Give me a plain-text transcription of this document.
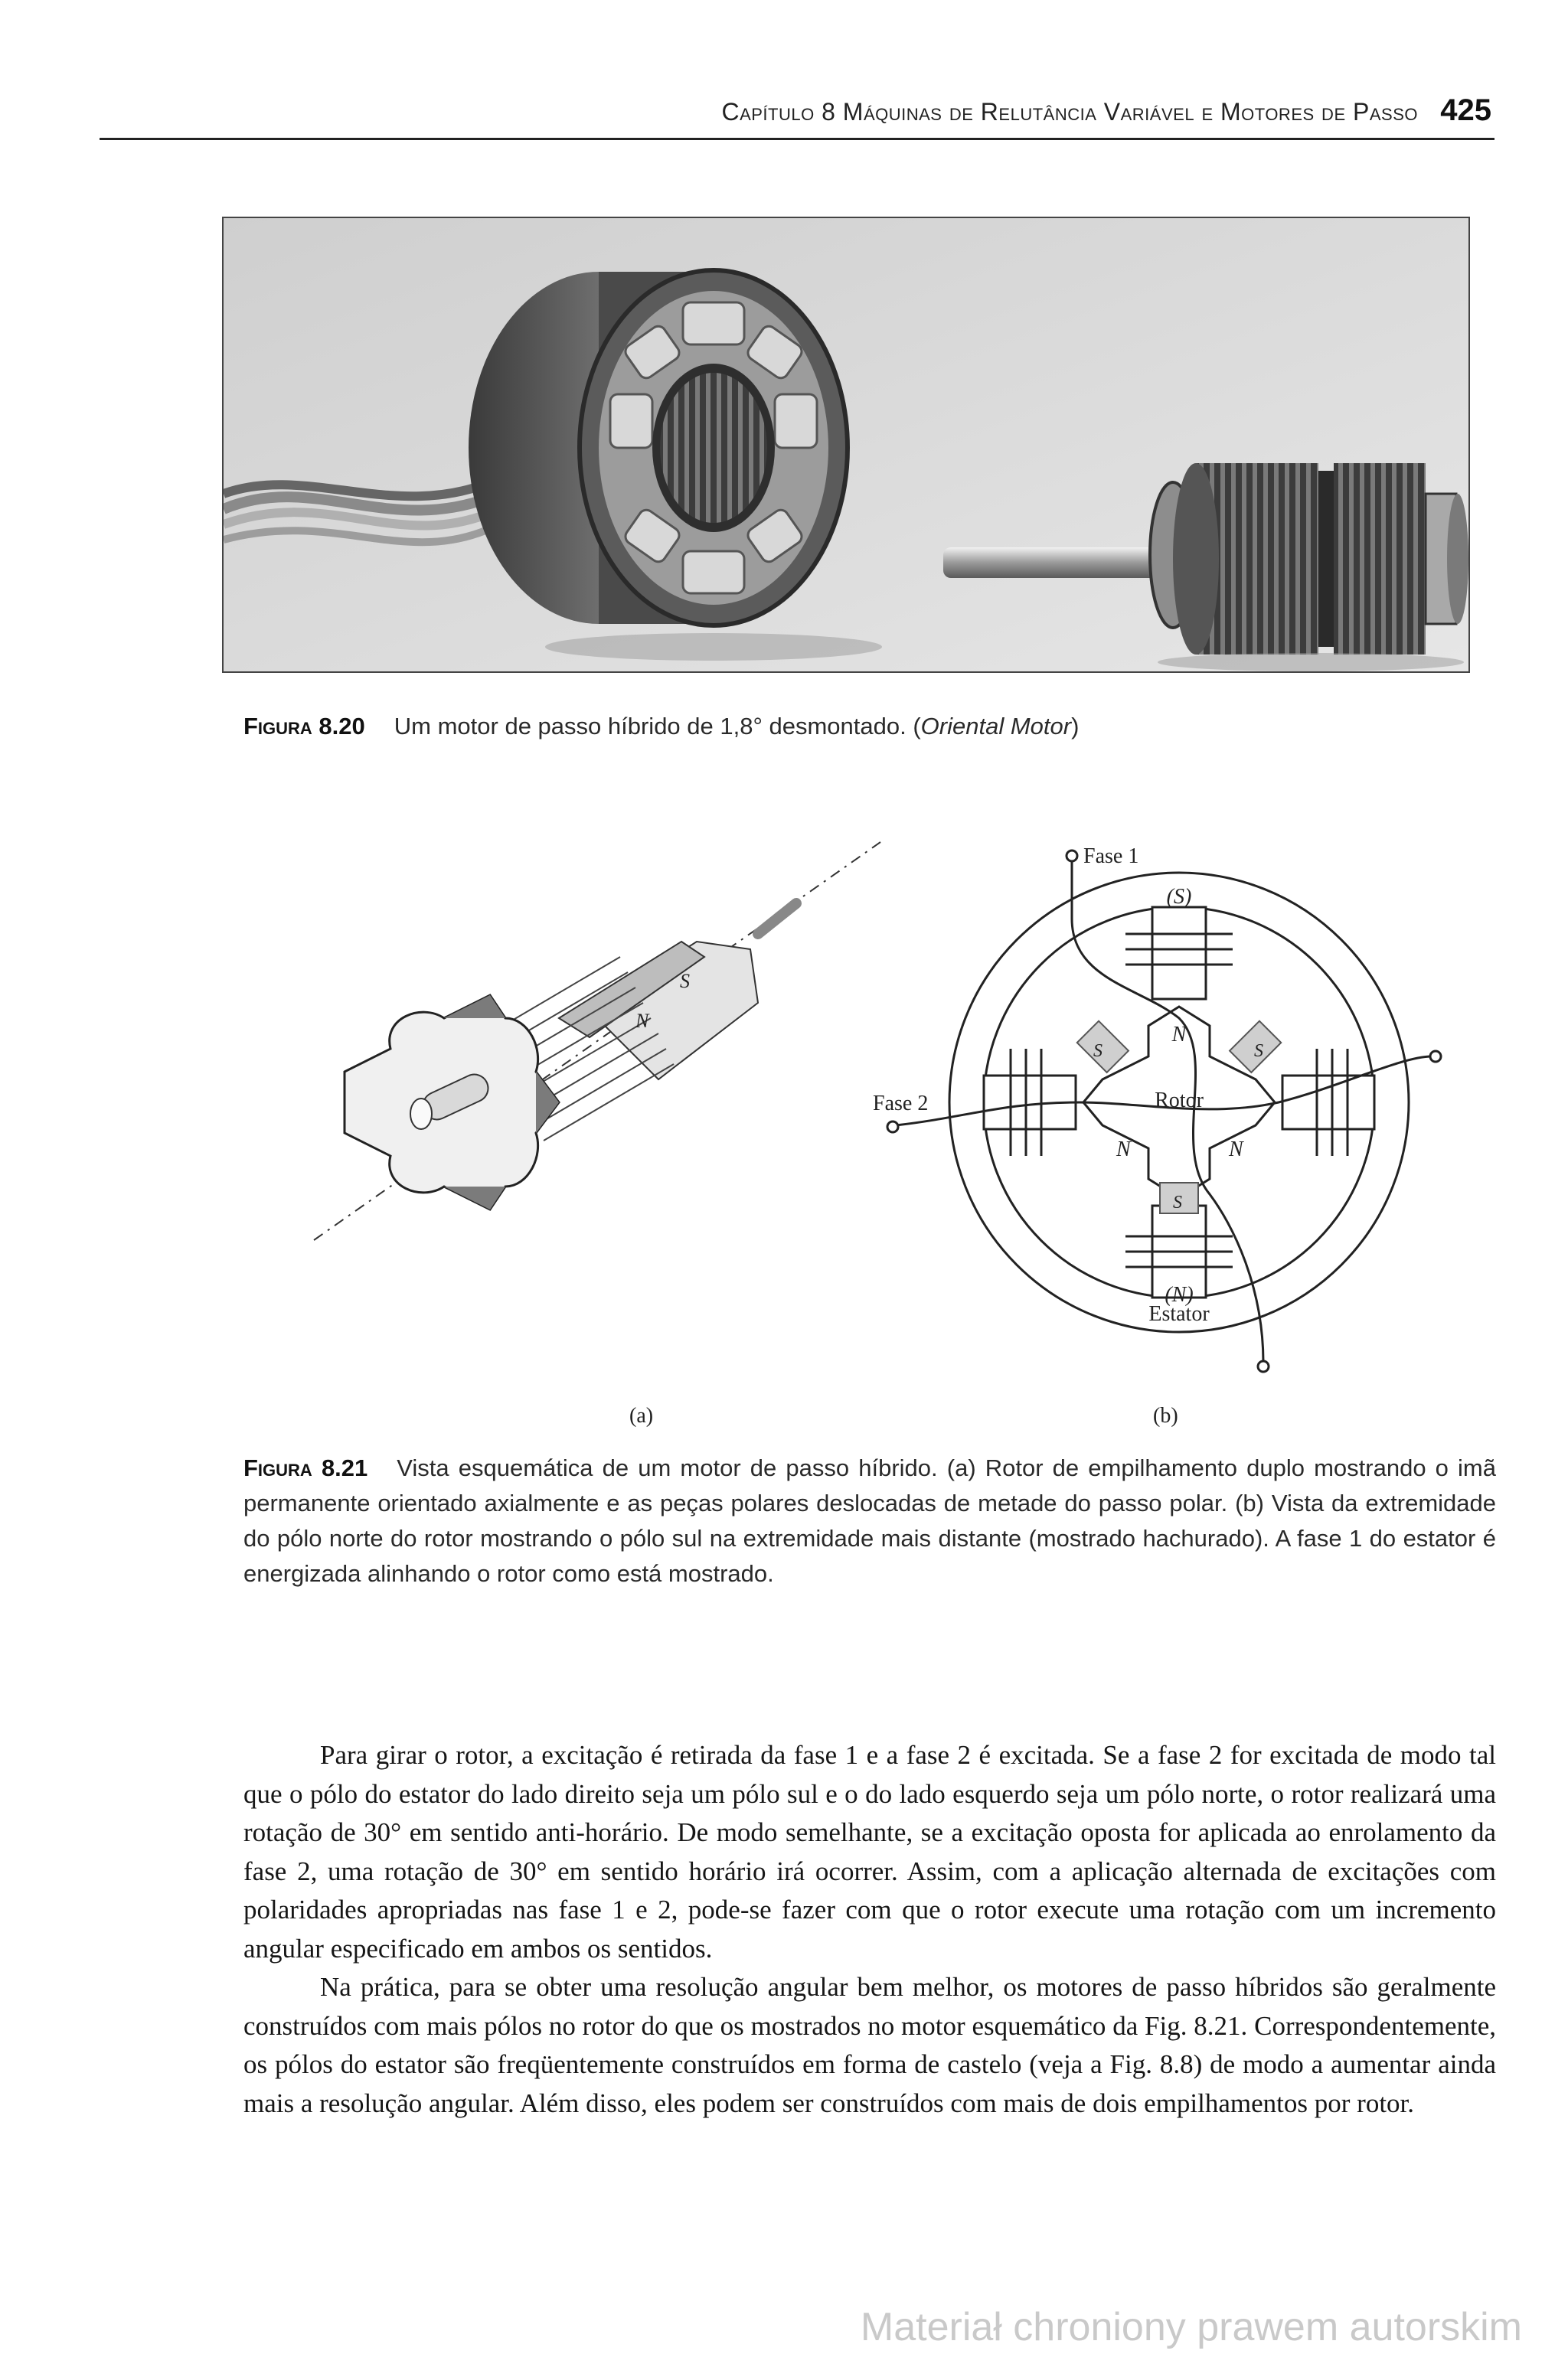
Capítulo 8 Máquinas de Relutância Variável e Motores de Passo 425
Figura 8.20 Um motor de passo híbrido de 1,8° desmontado. (Oriental Motor)
S
N
Fase 1
Fase 2	Rotor
Estator
(S)
(N)
N
N	N
S	S
S
(a)	(b)
Figura 8.21 Vista esquemática de um motor de passo híbrido. (a) Rotor de empilhamento duplo mostrando o imã permanente orientado axialmente e as peças polares deslocadas de metade do passo polar. (b) Vista da extremidade do pólo norte do rotor mostrando o pólo sul na extremidade mais distante (mostrado hachurado). A fase 1 do estator é energizada alinhando o rotor como está mostrado.

Para girar o rotor, a excitação é retirada da fase 1 e a fase 2 é excitada. Se a fase 2 for excitada de modo tal que o pólo do estator do lado direito seja um pólo sul e o do lado esquerdo seja um pólo norte, o rotor realizará uma rotação de 30° em sentido anti-horário. De modo semelhante, se a excitação oposta for aplicada ao enrolamento da fase 2, uma rotação de 30° em sentido horário irá ocorrer. Assim, com a aplicação alternada de excitações com polaridades apropriadas nas fase 1 e 2, pode-se fazer com que o rotor execute uma rotação com um incremento angular especificado em ambos os sentidos.

Na prática, para se obter uma resolução angular bem melhor, os motores de passo híbridos são geralmente construídos com mais pólos no rotor do que os mostrados no motor esquemático da Fig. 8.21. Correspondentemente, os pólos do estator são freqüentemente construídos em forma de castelo (veja a Fig. 8.8) de modo a aumentar ainda mais a resolução angular. Além disso, eles podem ser construídos com mais de dois empilhamentos por rotor.

Materiał chroniony prawem autorskim
